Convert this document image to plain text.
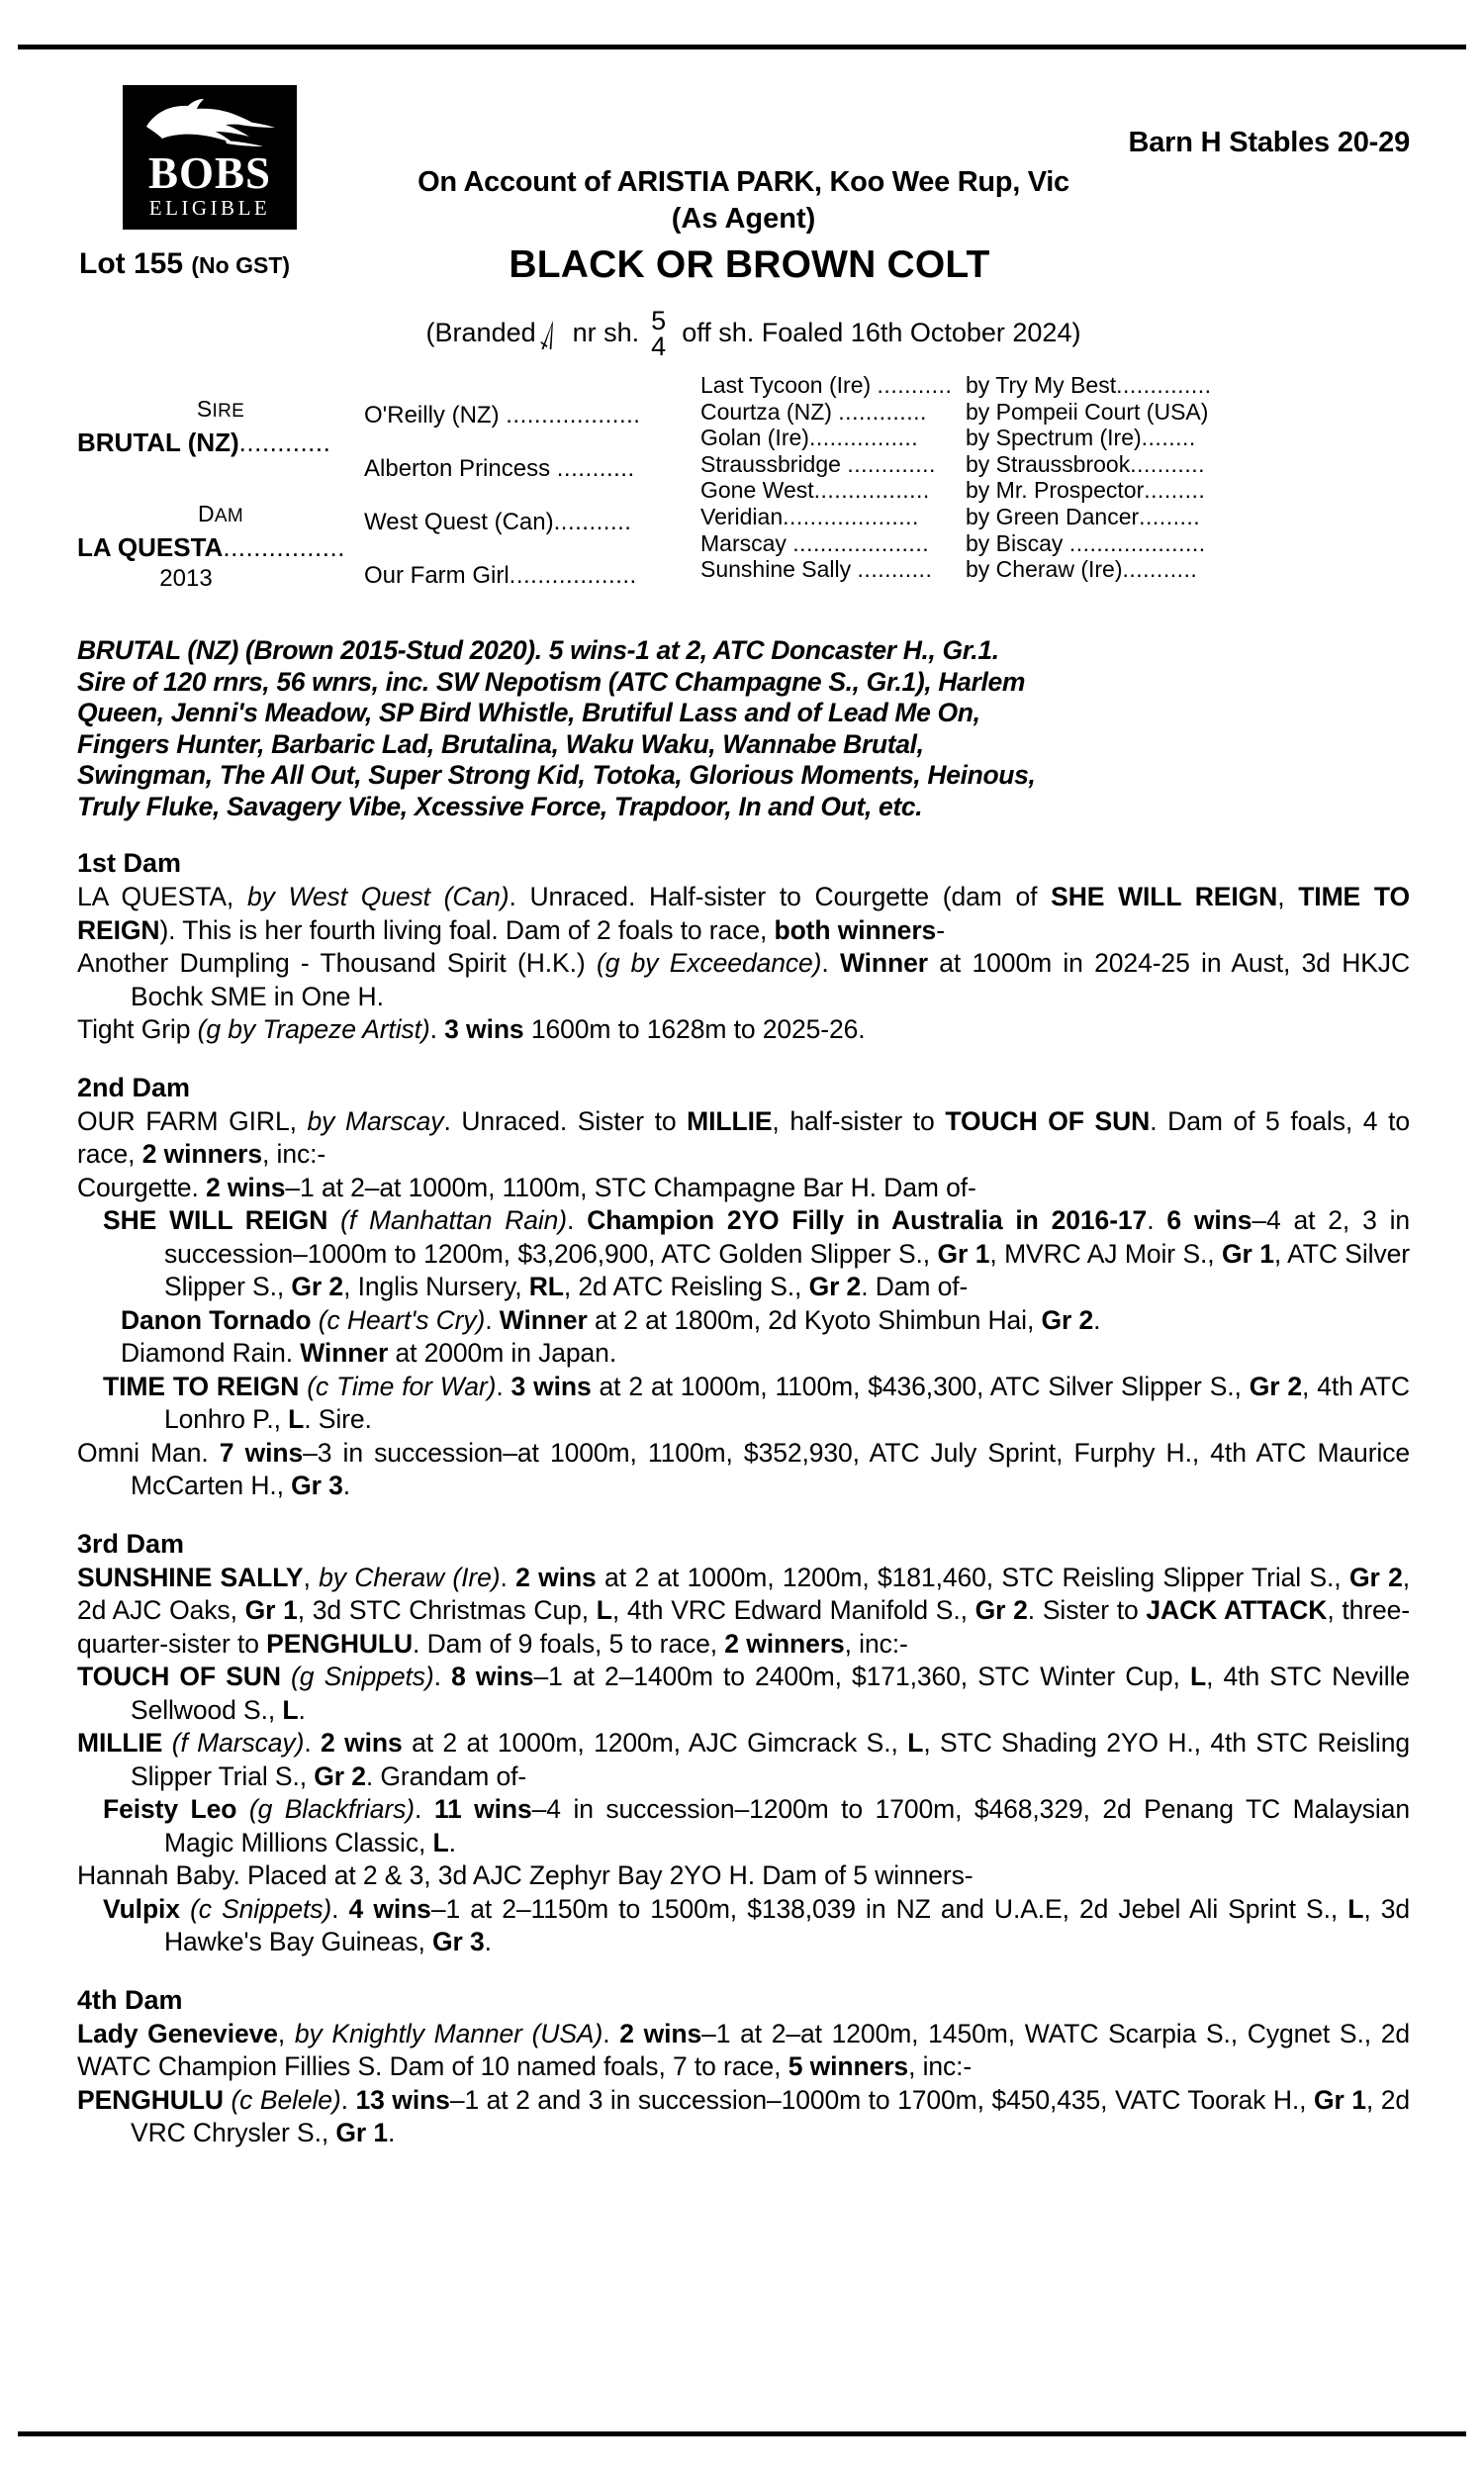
BOBS
ELIGIBLE
Barn H Stables 20-29
On Account of ARISTIA PARK, Koo Wee Rup, Vic
(As Agent)
Lot 155 (No GST)	BLACK OR BROWN COLT
(Branded nr sh. 5
4 off sh. Foaled 16th October 2024)
SIRE
BRUTAL (NZ)............
DAM
LA QUESTA................
2013
O'Reilly (NZ) ...................
Alberton Princess ...........
West Quest (Can)...........
Our Farm Girl..................
Last Tycoon (Ire) ........... by Try My Best..............
Courtza (NZ) .............	by Pompeii Court (USA)
Golan (Ire)................	by Spectrum (Ire)........
Straussbridge .............	by Straussbrook...........
Gone West.................	by Mr. Prospector.........
Veridian....................	by Green Dancer.........
Marscay ....................	by Biscay ....................
Sunshine Sally ...........	by Cheraw (Ire)...........
BRUTAL (NZ) (Brown 2015-Stud 2020). 5 wins-1 at 2, ATC Doncaster H., Gr.1.
Sire of 120 rnrs, 56 wnrs, inc. SW Nepotism (ATC Champagne S., Gr.1), Harlem
Queen, Jenni's Meadow, SP Bird Whistle, Brutiful Lass and of Lead Me On,
Fingers Hunter, Barbaric Lad, Brutalina, Waku Waku, Wannabe Brutal,
Swingman, The All Out, Super Strong Kid, Totoka, Glorious Moments, Heinous,
Truly Fluke, Savagery Vibe, Xcessive Force, Trapdoor, In and Out, etc.
1st Dam
LA QUESTA, by West Quest (Can). Unraced. Half-sister to Courgette (dam of SHE WILL REIGN, TIME TO REIGN). This is her fourth living foal. Dam of 2 foals to race, both winners-
Another Dumpling - Thousand Spirit (H.K.) (g by Exceedance). Winner at 1000m in 2024-25 in Aust, 3d HKJC Bochk SME in One H.
Tight Grip (g by Trapeze Artist). 3 wins 1600m to 1628m to 2025-26.
2nd Dam
OUR FARM GIRL, by Marscay. Unraced. Sister to MILLIE, half-sister to TOUCH OF SUN. Dam of 5 foals, 4 to race, 2 winners, inc:-
Courgette. 2 wins–1 at 2–at 1000m, 1100m, STC Champagne Bar H. Dam of-
SHE WILL REIGN (f Manhattan Rain). Champion 2YO Filly in Australia in 2016-17. 6 wins–4 at 2, 3 in succession–1000m to 1200m, $3,206,900, ATC Golden Slipper S., Gr 1, MVRC AJ Moir S., Gr 1, ATC Silver Slipper S., Gr 2, Inglis Nursery, RL, 2d ATC Reisling S., Gr 2. Dam of-
Danon Tornado (c Heart's Cry). Winner at 2 at 1800m, 2d Kyoto Shimbun Hai, Gr 2.
Diamond Rain. Winner at 2000m in Japan.
TIME TO REIGN (c Time for War). 3 wins at 2 at 1000m, 1100m, $436,300, ATC Silver Slipper S., Gr 2, 4th ATC Lonhro P., L. Sire.
Omni Man. 7 wins–3 in succession–at 1000m, 1100m, $352,930, ATC July Sprint, Furphy H., 4th ATC Maurice McCarten H., Gr 3.
3rd Dam
SUNSHINE SALLY, by Cheraw (Ire). 2 wins at 2 at 1000m, 1200m, $181,460, STC Reisling Slipper Trial S., Gr 2, 2d AJC Oaks, Gr 1, 3d STC Christmas Cup, L, 4th VRC Edward Manifold S., Gr 2. Sister to JACK ATTACK, three-quarter-sister to PENGHULU. Dam of 9 foals, 5 to race, 2 winners, inc:-
TOUCH OF SUN (g Snippets). 8 wins–1 at 2–1400m to 2400m, $171,360, STC Winter Cup, L, 4th STC Neville Sellwood S., L.
MILLIE (f Marscay). 2 wins at 2 at 1000m, 1200m, AJC Gimcrack S., L, STC Shading 2YO H., 4th STC Reisling Slipper Trial S., Gr 2. Grandam of-
Feisty Leo (g Blackfriars). 11 wins–4 in succession–1200m to 1700m, $468,329, 2d Penang TC Malaysian Magic Millions Classic, L.
Hannah Baby. Placed at 2 & 3, 3d AJC Zephyr Bay 2YO H. Dam of 5 winners-
Vulpix (c Snippets). 4 wins–1 at 2–1150m to 1500m, $138,039 in NZ and U.A.E, 2d Jebel Ali Sprint S., L, 3d Hawke's Bay Guineas, Gr 3.
4th Dam
Lady Genevieve, by Knightly Manner (USA). 2 wins–1 at 2–at 1200m, 1450m, WATC Scarpia S., Cygnet S., 2d WATC Champion Fillies S. Dam of 10 named foals, 7 to race, 5 winners, inc:-
PENGHULU (c Belele). 13 wins–1 at 2 and 3 in succession–1000m to 1700m, $450,435, VATC Toorak H., Gr 1, 2d VRC Chrysler S., Gr 1.
